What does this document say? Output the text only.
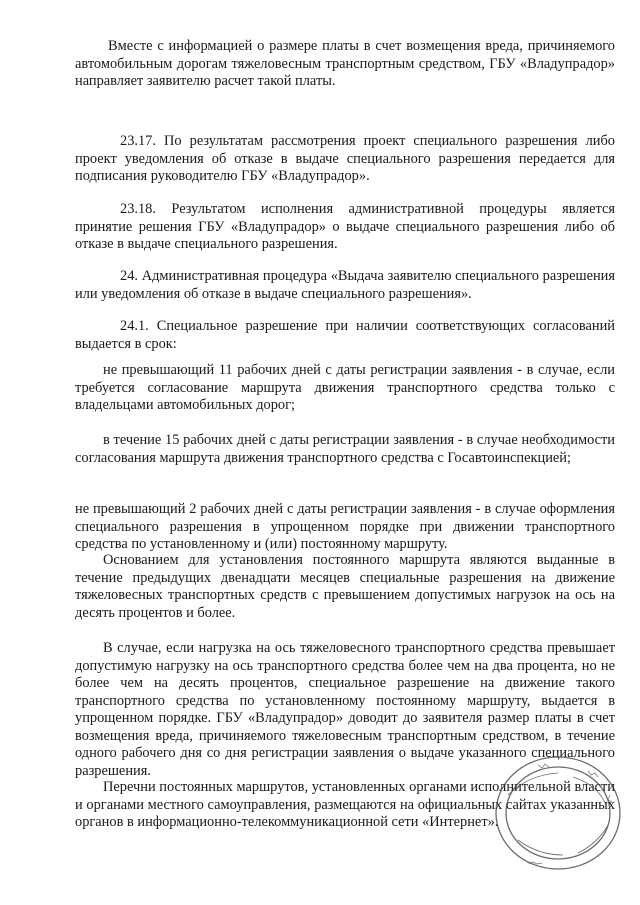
Вместе с информацией о размере платы в счет возмещения вреда, причиняемого автомобильным дорогам тяжеловесным транспортным средством, ГБУ «Владупрадор» направляет заявителю расчет такой платы.

23.17. По результатам рассмотрения проект специального разрешения либо проект уведомления об отказе в выдаче специального разрешения передается для подписания руководителю ГБУ «Владупрадор».

23.18. Результатом исполнения административной процедуры является принятие решения ГБУ «Владупрадор» о выдаче специального разрешения либо об отказе в выдаче специального разрешения.

24. Административная процедура «Выдача заявителю специального разрешения или уведомления об отказе в выдаче специального разрешения».

24.1. Специальное разрешение при наличии соответствующих согласований выдается в срок:

не превышающий 11 рабочих дней с даты регистрации заявления - в случае, если требуется согласование маршрута движения транспортного средства только с владельцами автомобильных дорог;

в течение 15 рабочих дней с даты регистрации заявления - в случае необходимости согласования маршрута движения транспортного средства с Госавтоинспекцией;

не превышающий 2 рабочих дней с даты регистрации заявления - в случае оформления специального разрешения в упрощенном порядке при движении транспортного средства по установленному и (или) постоянному маршруту.

Основанием для установления постоянного маршрута являются выданные в течение предыдущих двенадцати месяцев специальные разрешения на движение тяжеловесных транспортных средств с превышением допустимых нагрузок на ось на десять процентов и более.

В случае, если нагрузка на ось тяжеловесного транспортного средства превышает допустимую нагрузку на ось транспортного средства более чем на два процента, но не более чем на десять процентов, специальное разрешение на движение такого транспортного средства по установленному постоянному маршруту, выдается в упрощенном порядке. ГБУ «Владупрадор» доводит до заявителя размер платы в счет возмещения вреда, причиняемого тяжеловесным транспортным средством, в течение одного рабочего дня со дня регистрации заявления о выдаче указанного специального разрешения.

Перечни постоянных маршрутов, установленных органами исполнительной власти и органами местного самоуправления, размещаются на официальных сайтах указанных органов в информационно-телекоммуникационной сети «Интернет».
